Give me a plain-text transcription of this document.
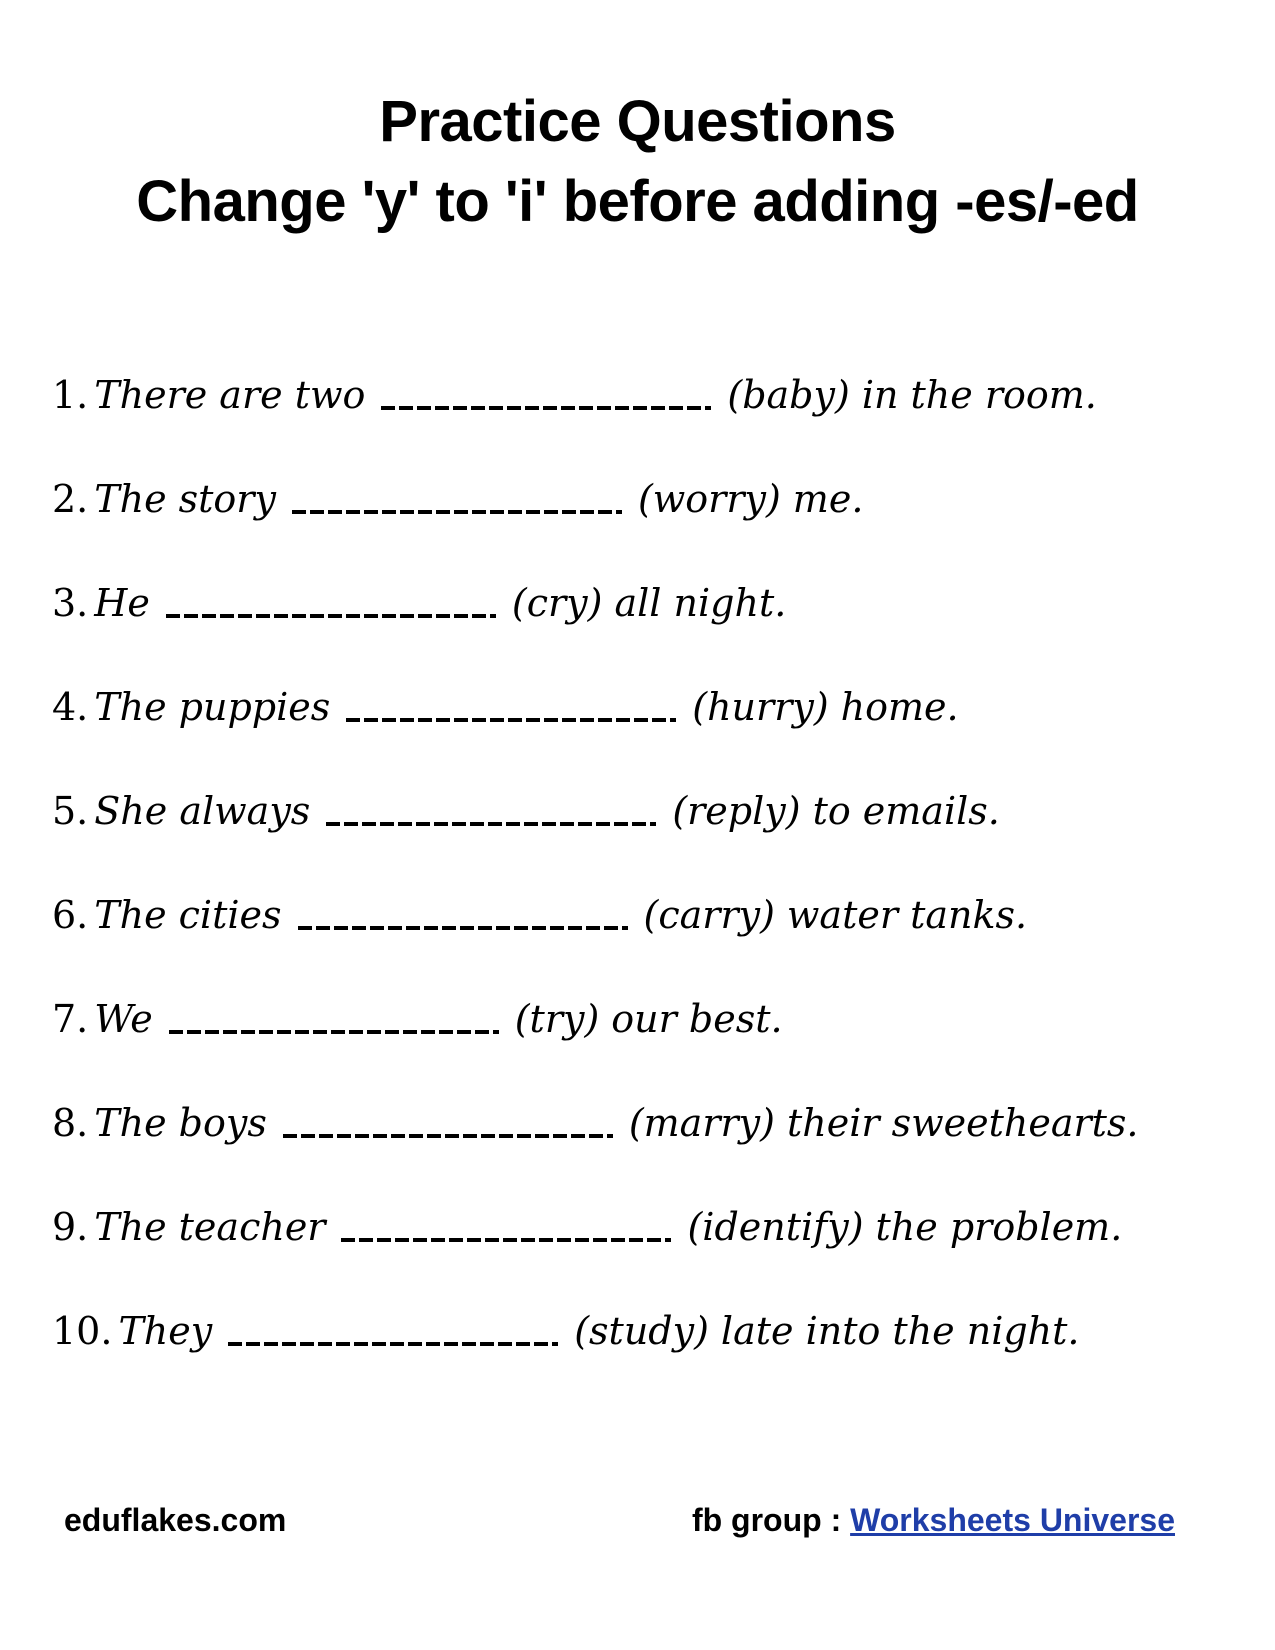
Practice Questions
Change 'y' to 'i' before adding -es/-ed
1. There are two	(baby) in the room.
2. The story	(worry) me.
3. He	(cry) all night.
4. The puppies	(hurry) home.
5. She always	(reply) to emails.
6. The cities	(carry) water tanks.
7. We	(try) our best.
8. The boys	(marry) their sweethearts.
9. The teacher	(identify) the problem.
10. They	(study) late into the night.
eduflakes.com	fb group : Worksheets Universe
